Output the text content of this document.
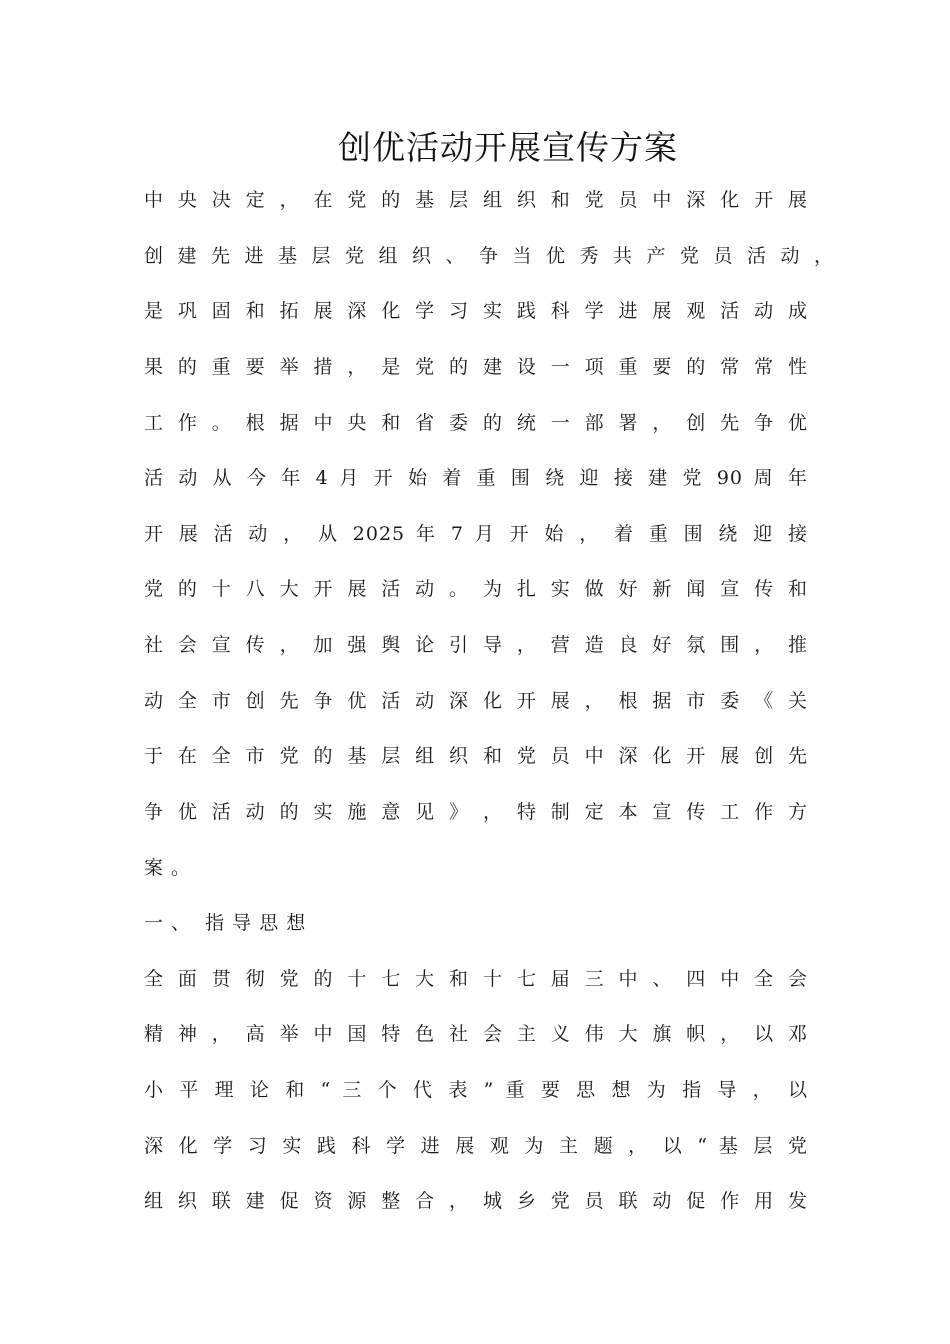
创优活动开展宣传方案
中 央 决 定 ， 在 党 的 基 层 组 织 和 党 员 中 深 化 开 展
创 建 先 进 基 层 党 组 织 、 争 当 优 秀 共 产 党 员 活 动 ，
是 巩 固 和 拓 展 深 化 学 习 实 践 科 学 进 展 观 活 动 成
果 的 重 要 举 措 ， 是 党 的 建 设 一 项 重 要 的 常 常 性
工 作 。 根 据 中 央 和 省 委 的 统 一 部 署 ， 创 先 争 优
活 动 从 今 年 4 月 开 始 着 重 围 绕 迎 接 建 党 90 周 年
开 展 活 动 ， 从 2025 年 7 月 开 始 ， 着 重 围 绕 迎 接
党 的 十 八 大 开 展 活 动 。 为 扎 实 做 好 新 闻 宣 传 和
社 会 宣 传 ， 加 强 舆 论 引 导 ， 营 造 良 好 氛 围 ， 推
动 全 市 创 先 争 优 活 动 深 化 开 展 ， 根 据 市 委 《 关
于 在 全 市 党 的 基 层 组 织 和 党 员 中 深 化 开 展 创 先
争 优 活 动 的 实 施 意 见 》 ， 特 制 定 本 宣 传 工 作 方
案 。
一 、  指 导 思 想
全 面 贯 彻 党 的 十 七 大 和 十 七 届 三 中 、 四 中 全 会
精 神 ， 高 举 中 国 特 色 社 会 主 义 伟 大 旗 帜 ， 以 邓
小 平 理 论 和 “ 三 个 代 表 ” 重 要 思 想 为 指 导 ， 以
深 化 学 习 实 践 科 学 进 展 观 为 主 题 ， 以 “ 基 层 党
组 织 联 建 促 资 源 整 合 ， 城 乡 党 员 联 动 促 作 用 发
